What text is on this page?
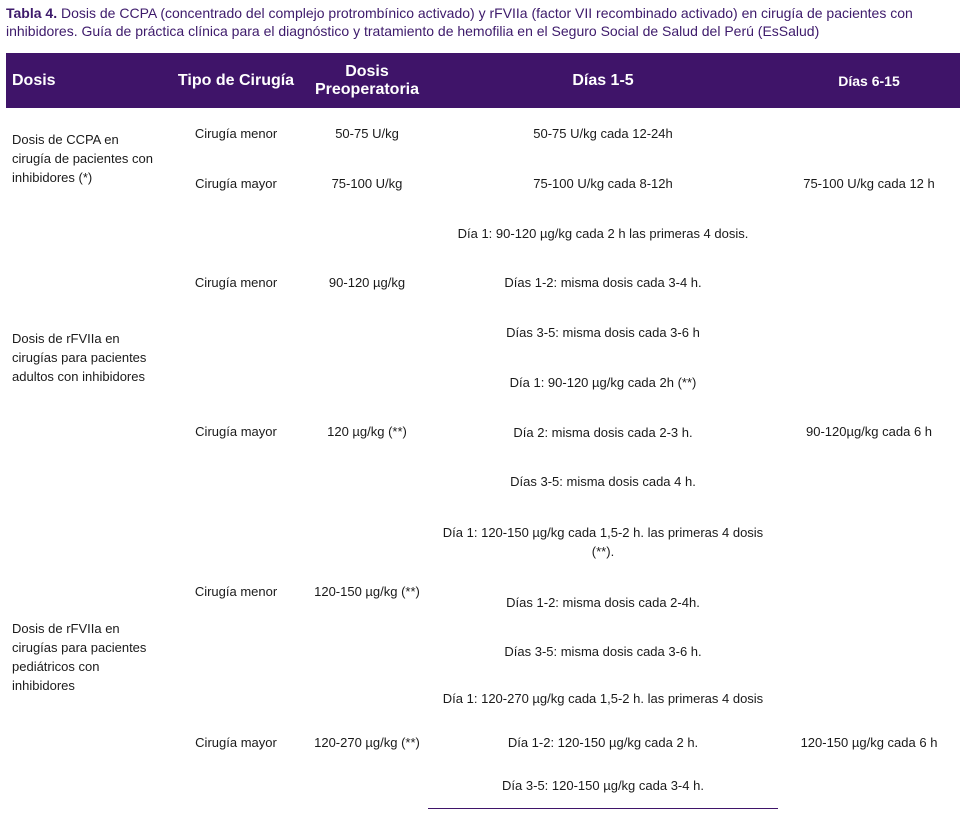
Tabla 4. Dosis de CCPA (concentrado del complejo protrombínico activado) y rFVIIa (factor VII recombinado activado) en cirugía de pacientes con inhibidores. Guía de práctica clínica para el diagnóstico y tratamiento de hemofilia en el Seguro Social de Salud del Perú (EsSalud)
Dosis	Tipo de Cirugía	Dosis Preoperatoria	Días 1-5	Días 6-15
Dosis de CCPA en cirugía de pacientes con inhibidores (*)	Cirugía menor	50-75 U/kg	50-75 U/kg cada 12-24h	
	Cirugía mayor	75-100 U/kg	75-100 U/kg cada 8-12h	75-100 U/kg cada 12 h
Dosis de rFVIIa en cirugías para pacientes adultos con inhibidores	Cirugía menor	90-120 µg/kg	Día 1: 90-120 µg/kg cada 2 h las primeras 4 dosis.	
			Días 1-2: misma dosis cada 3-4 h.	
			Días 3-5: misma dosis cada 3-6 h	
	Cirugía mayor	120 µg/kg (**)	Día 1: 90-120 µg/kg cada 2h (**)	90-120µg/kg cada 6 h
			Día 2: misma dosis cada 2-3 h.	
			Días 3-5: misma dosis cada 4 h.	
Dosis de rFVIIa en cirugías para pacientes pediátricos con inhibidores	Cirugía menor	120-150 µg/kg (**)	Día 1: 120-150 µg/kg cada 1,5-2 h. las primeras 4 dosis (**).	
			Días 1-2: misma dosis cada 2-4h.	
			Días 3-5: misma dosis cada 3-6 h.	
	Cirugía mayor	120-270 µg/kg (**)	Día 1: 120-270 µg/kg cada 1,5-2 h. las primeras 4 dosis	120-150 µg/kg cada 6 h
			Día 1-2: 120-150 µg/kg cada 2 h.	
			Día 3-5: 120-150 µg/kg cada 3-4 h.	
